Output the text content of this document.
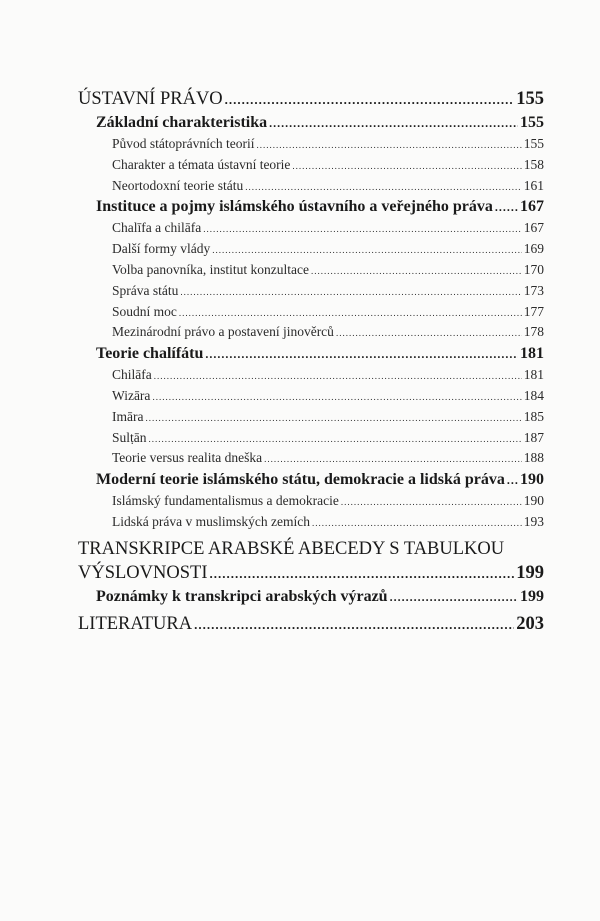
ÚSTAVNÍ PRÁVO .....	155
Základní charakteristika .....	155
Původ státoprávních teorií .....	155
Charakter a témata ústavní teorie .....	158
Neortodoxní teorie státu .....	161
Instituce a pojmy islámského ústavního a veřejného práva ..... 167
Chalīfa a chilāfa .....	167
Další formy vlády .....	169
Volba panovníka, institut konzultace .....	170
Správa státu .....	173
Soudní moc .....	177
Mezinárodní právo a postavení jinověrců .....	178
Teorie chalífátu .....	181
Chilāfa .....	181
Wizāra .....	184
Imāra .....	185
Sulṭān .....	187
Teorie versus realita dneška .....	188
Moderní teorie islámského státu, demokracie a lidská práva ..... 190
Islámský fundamentalismus a demokracie .....	190
Lidská práva v muslimských zemích .....	193
TRANSKRIPCE ARABSKÉ ABECEDY S TABULKOU
VÝSLOVNOSTI .....	199
Poznámky k transkripci arabských výrazů .....	199
LITERATURA .....	203
